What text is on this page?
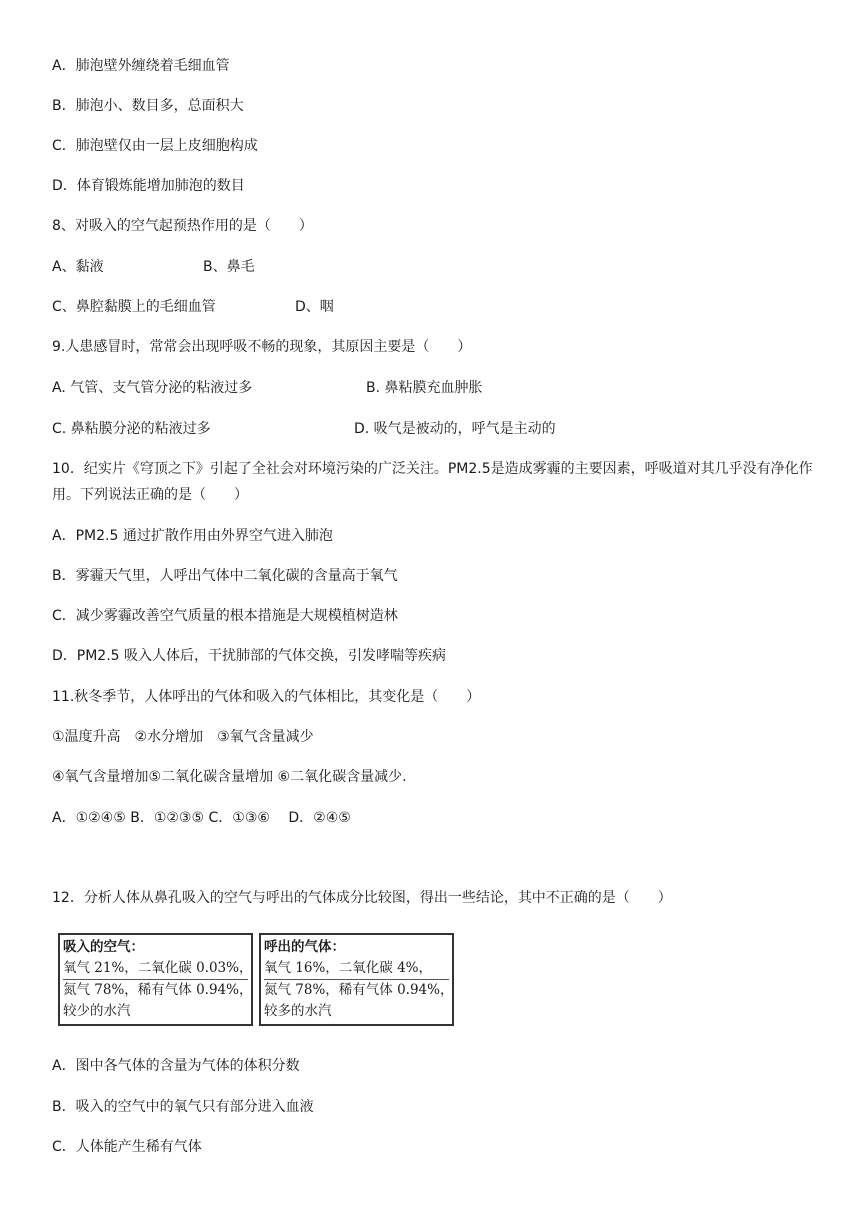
A．肺泡壁外缠绕着毛细血管
B．肺泡小、数目多，总面积大
C．肺泡壁仅由一层上皮细胞构成
D．体育锻炼能增加肺泡的数目
8、对吸入的空气起预热作用的是（　　）
A、黏液	B、鼻毛
C、鼻腔黏膜上的毛细血管	D、咽
9.人患感冒时，常常会出现呼吸不畅的现象，其原因主要是（　　）
A. 气管、支气管分泌的粘液过多	B. 鼻粘膜充血肿胀
C. 鼻粘膜分泌的粘液过多	D. 吸气是被动的，呼气是主动的
10．纪实片《穹顶之下》引起了全社会对环境污染的广泛关注。PM2.5是造成雾霾的主要因素，呼吸道对其几乎没有净化作用。下列说法正确的是（　　）
A．PM2.5 通过扩散作用由外界空气进入肺泡
B．雾霾天气里，人呼出气体中二氧化碳的含量高于氧气
C．减少雾霾改善空气质量的根本措施是大规模植树造林
D．PM2.5 吸入人体后，干扰肺部的气体交换，引发哮喘等疾病
11.秋冬季节，人体呼出的气体和吸入的气体相比，其变化是（　　）
①温度升高　②水分增加　③氧气含量减少
④氧气含量增加⑤二氧化碳含量增加 ⑥二氧化碳含量减少.
A．①②④⑤ B．①②③⑤ C．①③⑥　 D．②④⑤
12．分析人体从鼻孔吸入的空气与呼出的气体成分比较图，得出一些结论，其中不正确的是（　　）
吸入的空气：
氧气 21%，二氧化碳 0.03%，
氮气 78%，稀有气体 0.94%，
较少的水汽
呼出的气体：
氧气 16%，二氧化碳 4%，
氮气 78%，稀有气体 0.94%，
较多的水汽
A．图中各气体的含量为气体的体积分数
B．吸入的空气中的氧气只有部分进入血液
C．人体能产生稀有气体
